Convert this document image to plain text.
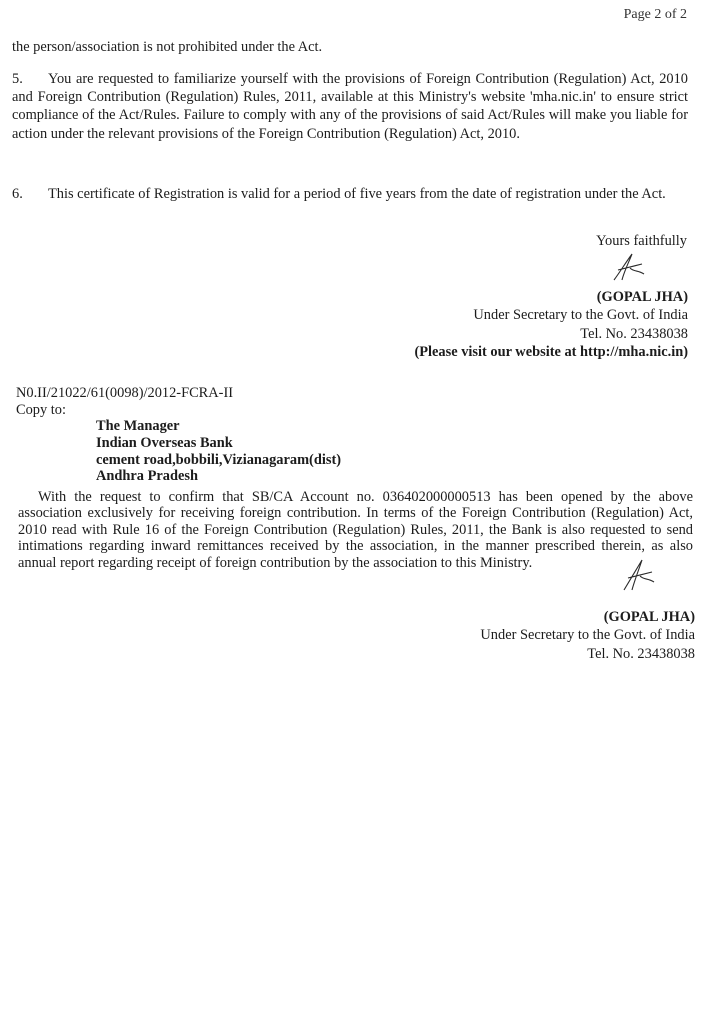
Page 2 of 2
the person/association is not prohibited under the Act.
5. You are requested to familiarize yourself with the provisions of Foreign Contribution (Regulation) Act, 2010 and Foreign Contribution (Regulation) Rules, 2011, available at this Ministry's website 'mha.nic.in' to ensure strict compliance of the Act/Rules. Failure to comply with any of the provisions of said Act/Rules will make you liable for action under the relevant provisions of the Foreign Contribution (Regulation) Act, 2010.
6. This certificate of Registration is valid for a period of five years from the date of registration under the Act.
Yours faithfully
(GOPAL JHA)
Under Secretary to the Govt. of India
Tel. No. 23438038
(Please visit our website at http://mha.nic.in)
N0.II/21022/61(0098)/2012-FCRA-II
Copy to:
The Manager
Indian Overseas Bank
cement road,bobbili,Vizianagaram(dist)
Andhra Pradesh
With the request to confirm that SB/CA Account no. 036402000000513 has been opened by the above association exclusively for receiving foreign contribution. In terms of the Foreign Contribution (Regulation) Act, 2010 read with Rule 16 of the Foreign Contribution (Regulation) Rules, 2011, the Bank is also requested to send intimations regarding inward remittances received by the association, in the manner prescribed therein, as also annual report regarding receipt of foreign contribution by the association to this Ministry.
(GOPAL JHA)
Under Secretary to the Govt. of India
Tel. No. 23438038
